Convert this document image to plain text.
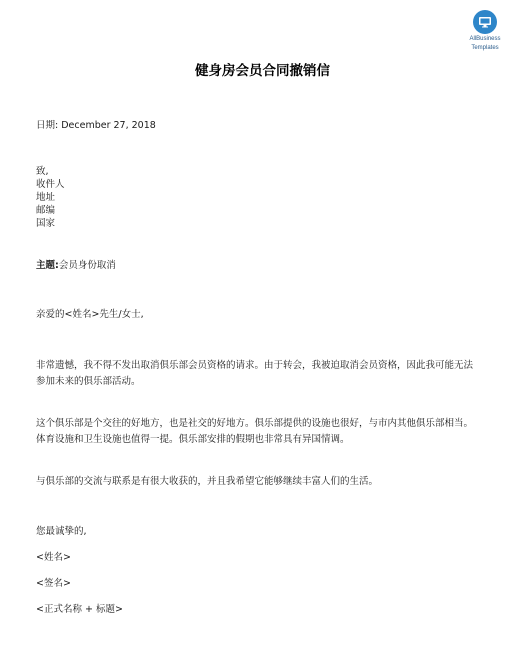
AllBusiness
Templates
健身房会员合同撤销信
日期: December 27, 2018
致,
收件人
地址
邮编
国家
主题:会员身份取消
亲爱的<姓名>先生/女士,
非常遗憾，我不得不发出取消俱乐部会员资格的请求。由于转会，我被迫取消会员资格，因此我可能无法参加未来的俱乐部活动。
这个俱乐部是个交往的好地方，也是社交的好地方。俱乐部提供的设施也很好，与市内其他俱乐部相当。体育设施和卫生设施也值得一提。俱乐部安排的假期也非常具有异国情调。
与俱乐部的交流与联系是有很大收获的，并且我希望它能够继续丰富人们的生活。
您最诚挚的,
<姓名>
<签名>
<正式名称 + 标题>
